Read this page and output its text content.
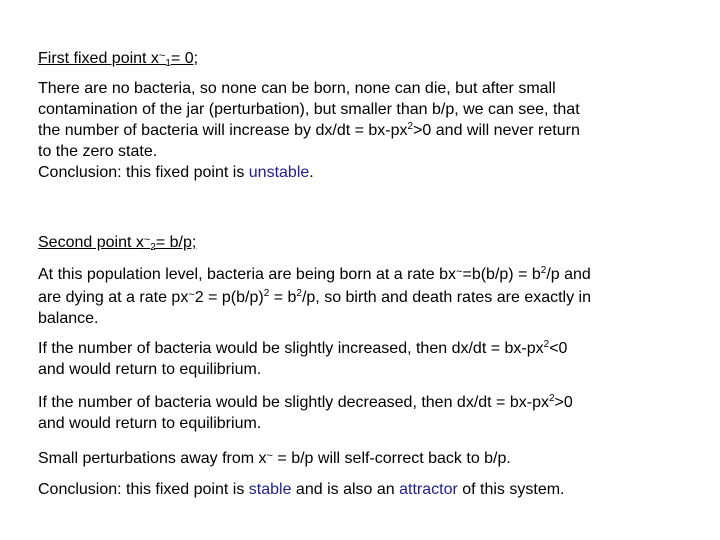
First fixed point $x^\sim_1= 0$;

There are no bacteria, so none can be born, none can die, but after small
contamination of the jar (perturbation), but smaller than b/p, we can see, that
the number of bacteria will increase by $dx/dt = bx-px^2>0$ and will never return
to the zero state.
Conclusion: this fixed point is unstable.

Second point $x^\sim_2= b/p$;

At this population level, bacteria are being born at a rate $bx^\sim=b(b/p) = b^2/p$ and
are dying at a rate $px^\sim 2 = p(b/p)^2 = b^2/p$, so birth and death rates are exactly in
balance.

If the number of bacteria would be slightly increased, then $dx/dt = bx-px^2<0$
and would return to equilibrium.

If the number of bacteria would be slightly decreased, then $dx/dt = bx-px^2>0$
and would return to equilibrium.

Small perturbations away from x~ = b/p will self-correct back to b/p.

Conclusion: this fixed point is stable and is also an attractor of this system.
